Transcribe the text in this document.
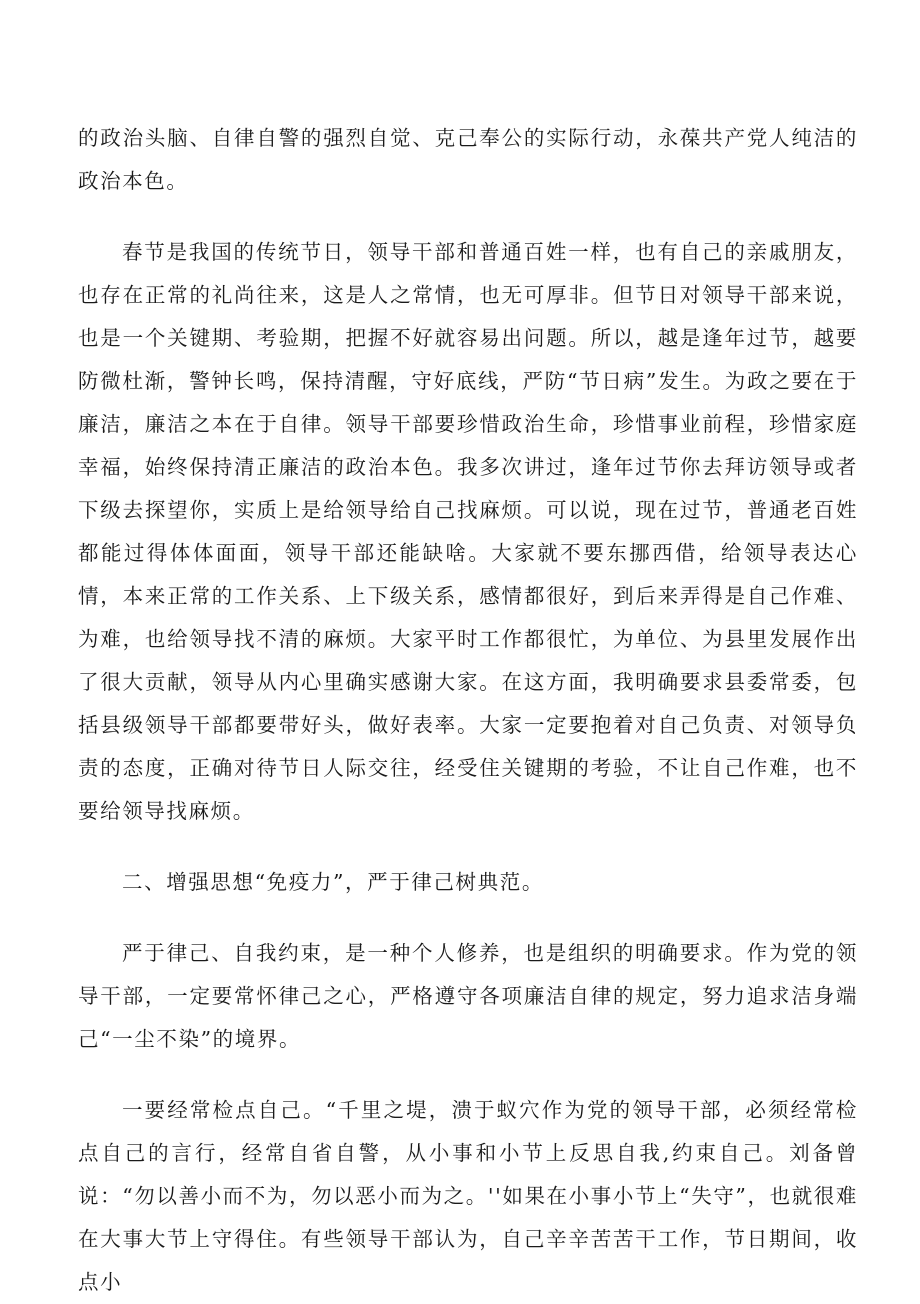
的政治头脑、自律自警的强烈自觉、克己奉公的实际行动，永葆共产党人纯洁的政治本色。

春节是我国的传统节日，领导干部和普通百姓一样，也有自己的亲戚朋友，也存在正常的礼尚往来，这是人之常情，也无可厚非。但节日对领导干部来说，也是一个关键期、考验期，把握不好就容易出问题。所以，越是逢年过节，越要防微杜渐，警钟长鸣，保持清醒，守好底线，严防“节日病”发生。为政之要在于廉洁，廉洁之本在于自律。领导干部要珍惜政治生命，珍惜事业前程，珍惜家庭幸福，始终保持清正廉洁的政治本色。我多次讲过，逢年过节你去拜访领导或者下级去探望你，实质上是给领导给自己找麻烦。可以说，现在过节，普通老百姓都能过得体体面面，领导干部还能缺啥。大家就不要东挪西借，给领导表达心情，本来正常的工作关系、上下级关系，感情都很好，到后来弄得是自己作难、为难，也给领导找不清的麻烦。大家平时工作都很忙，为单位、为县里发展作出了很大贡献，领导从内心里确实感谢大家。在这方面，我明确要求县委常委，包括县级领导干部都要带好头，做好表率。大家一定要抱着对自己负责、对领导负责的态度，正确对待节日人际交往，经受住关键期的考验，不让自己作难，也不要给领导找麻烦。

二、增强思想“免疫力”，严于律己树典范。

严于律己、自我约束，是一种个人修养，也是组织的明确要求。作为党的领导干部，一定要常怀律己之心，严格遵守各项廉洁自律的规定，努力追求洁身端己“一尘不染”的境界。

一要经常检点自己。“千里之堤，溃于蚁穴作为党的领导干部，必须经常检点自己的言行，经常自省自警，从小事和小节上反思自我,约束自己。刘备曾说：“勿以善小而不为，勿以恶小而为之。''如果在小事小节上“失守”，也就很难在大事大节上守得住。有些领导干部认为，自己辛辛苦苦干工作，节日期间，收点小
